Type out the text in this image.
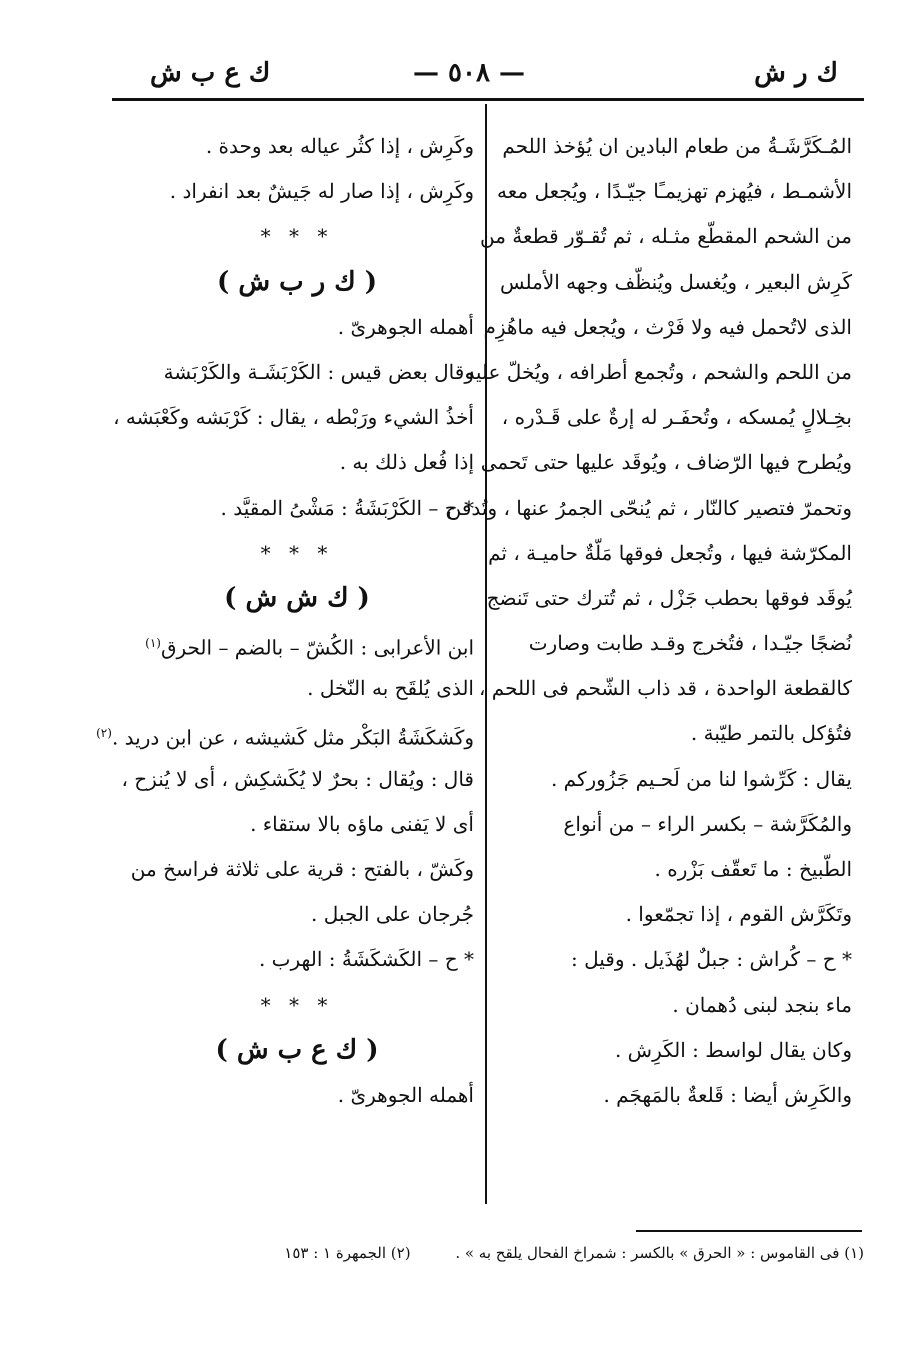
ك ر ش
— ٥٠٨ —
ك ع ب ش
المُـكَرَّشَـةُ من طعام البادين ان يُؤخذ اللحم
الأشمـط ، فيُهزم تهزيمـًا جيّـدًا ، ويُجعل معه
من الشحم المقطّع مثـله ، ثم تُقـوّر قطعةٌ من
كَرِش البعير ، ويُغسل ويُنظّف وجهه الأملس
الذى لاتُحمل فيه ولا فَرْث ، ويُجعل فيه ماهُزِم
من اللحم والشحم ، وتُجمع أطرافه ، ويُخلّ عليه
بخِـلالٍ يُمسكه ، وتُحفَـر له إرةٌ على قَـدْره ،
ويُطرح فيها الرّضاف ، ويُوقَد عليها حتى تَحمى
وتحمرّ فتصير كالنّار ، ثم يُنحّى الجمرُ عنها ، وتُدفن
المكرّشة فيها ، وتُجعل فوقها مَلّةٌ حاميـة ، ثم
يُوقَد فوقها بحطب جَزْل ، ثم تُترك حتى تَنضج
نُضجًا جيّـدا ، فتُخرج وقـد طابت وصارت
كالقطعة الواحدة ، قد ذاب الشّحم فى اللحم ،
فتُؤكل بالتمر طيّبة .
يقال : كَرِّشوا لنا من لَحـيم جَزُوركم .
والمُكَرَّشة – بكسر الراء – من أنواع
الطّبيخ : ما تَعقّف بَزْره .
وتَكَرَّش القوم ، إذا تجمّعوا .
* ح – كُراش : جبلٌ لهُذَيل . وقيل :
ماء بنجد لبنى دُهمان .
وكان يقال لواسط : الكَرِش .
والكَرِش أيضا : قَلعةٌ بالمَهجَم .
وكَرِش ، إذا كثُر عياله بعد وحدة .
وكَرِش ، إذا صار له جَيشٌ بعد انفراد .
* * *
( ك ر ب ش )
أهمله الجوهرىّ .
وقال بعض قيس : الكَرْبَشَـة والكَرْبَشة
أخذُ الشيء ورَبْطه ، يقال : كَرْبَشه وكَعْبَشه ،
إذا فُعل ذلك به .
* ح – الكَرْبَشَةُ : مَشْىُ المقيَّد .
* * *
( ك ش ش )
ابن الأعرابى : الكُشّ – بالضم – الحرق$^{(١)}$
الذى يُلقَح به النّخل .
وكَشكَشَةُ البَكْر مثل كَشيشه ، عن ابن دريد .$^{(٢)}$
قال : ويُقال : بحرٌ لا يُكَشكِش ، أى لا يُنزح ،
أى لا يَفنى ماؤه بالا ستقاء .
وكَشّ ، بالفتح : قرية على ثلاثة فراسخ من
جُرجان على الجبل .
* ح – الكَشكَشَةُ : الهرب .
* * *
( ك ع ب ش )
أهمله الجوهرىّ .
(١) فى القاموس : « الحرق » بالكسر : شمراخ الفحال يلقح به » . (٢) الجمهرة ١ : ١٥٣
